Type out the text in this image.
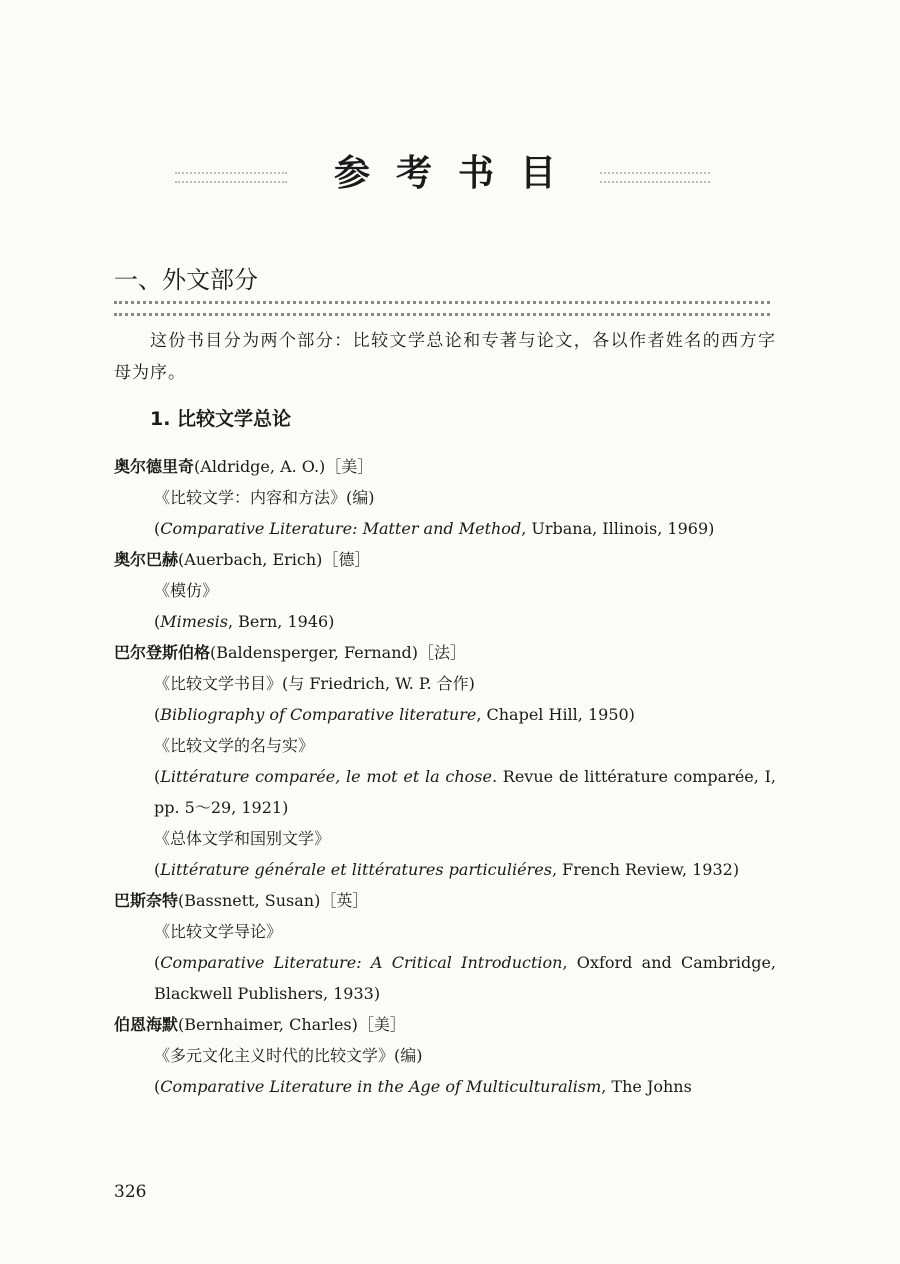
参考书目
一、外文部分
这份书目分为两个部分：比较文学总论和专著与论文，各以作者姓名的西方字母为序。
1. 比较文学总论
奥尔德里奇(Aldridge, A. O.)［美］
《比较文学：内容和方法》(编)
(Comparative Literature: Matter and Method, Urbana, Illinois, 1969)
奥尔巴赫(Auerbach, Erich)［德］
《模仿》
(Mimesis, Bern, 1946)
巴尔登斯伯格(Baldensperger, Fernand)［法］
《比较文学书目》(与 Friedrich, W. P. 合作)
(Bibliography of Comparative literature, Chapel Hill, 1950)
《比较文学的名与实》
(Littérature comparée, le mot et la chose. Revue de littérature comparée, I, pp. 5～29, 1921)
《总体文学和国别文学》
(Littérature générale et littératures particuliéres, French Review, 1932)
巴斯奈特(Bassnett, Susan)［英］
《比较文学导论》
(Comparative Literature: A Critical Introduction, Oxford and Cambridge, Blackwell Publishers, 1933)
伯恩海默(Bernhaimer, Charles)［美］
《多元文化主义时代的比较文学》(编)
(Comparative Literature in the Age of Multiculturalism, The Johns
326
